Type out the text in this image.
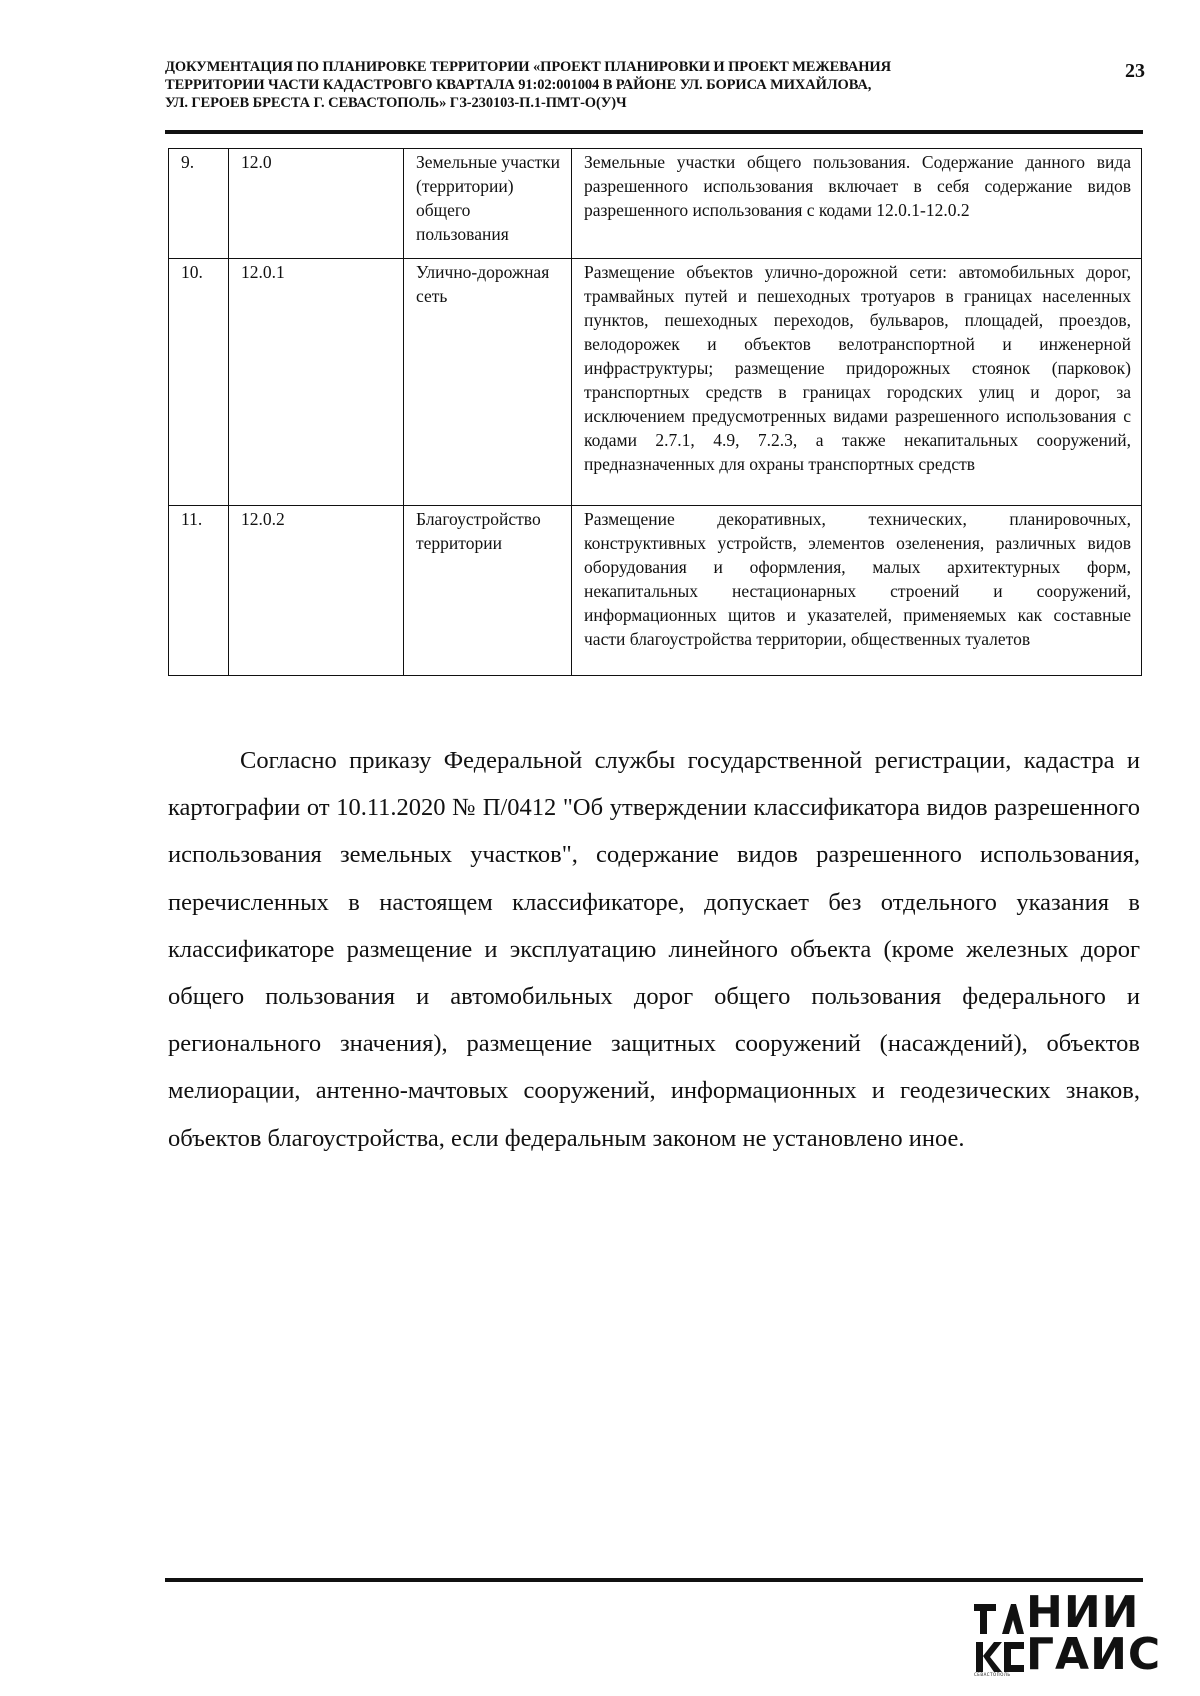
ДОКУМЕНТАЦИЯ ПО ПЛАНИРОВКЕ ТЕРРИТОРИИ «ПРОЕКТ ПЛАНИРОВКИ И ПРОЕКТ МЕЖЕВАНИЯ
ТЕРРИТОРИИ ЧАСТИ КАДАСТРОВГО КВАРТАЛА 91:02:001004 В РАЙОНЕ УЛ. БОРИСА МИХАЙЛОВА,
УЛ. ГЕРОЕВ БРЕСТА Г. СЕВАСТОПОЛЬ» ГЗ-230103-П.1-ПМТ-О(У)Ч
23
9.	12.0	Земельные участки (территории) общего пользования	Земельные участки общего пользования. Содержание данного вида разрешенного использования включает в себя содержание видов разрешенного использования с кодами 12.0.1-12.0.2
10.	12.0.1	Улично-дорожная сеть	Размещение объектов улично-дорожной сети: автомобильных дорог, трамвайных путей и пешеходных тротуаров в границах населенных пунктов, пешеходных переходов, бульваров, площадей, проездов, велодорожек и объектов велотранспортной и инженерной инфраструктуры; размещение придорожных стоянок (парковок) транспортных средств в границах городских улиц и дорог, за исключением предусмотренных видами разрешенного использования с кодами 2.7.1, 4.9, 7.2.3, а также некапитальных сооружений, предназначенных для охраны транспортных средств
11.	12.0.2	Благоустройство территории	Размещение декоративных, технических, планировочных, конструктивных устройств, элементов озеленения, различных видов оборудования и оформления, малых архитектурных форм, некапитальных нестационарных строений и сооружений, информационных щитов и указателей, применяемых как составные части благоустройства территории, общественных туалетов

Согласно приказу Федеральной службы государственной регистрации, кадастра и картографии от 10.11.2020 № П/0412 "Об утверждении классификатора видов разрешенного использования земельных участков", содержание видов разрешенного использования, перечисленных в настоящем классификаторе, допускает без отдельного указания в классификаторе размещение и эксплуатацию линейного объекта (кроме железных дорог общего пользования и автомобильных дорог общего пользования федерального и регионального значения), размещение защитных сооружений (насаждений), объектов мелиорации, антенно-мачтовых сооружений, информационных и геодезических знаков, объектов благоустройства, если федеральным законом не установлено иное.

НИИ
ГАИС
СЕВАСТОПОЛЬ
